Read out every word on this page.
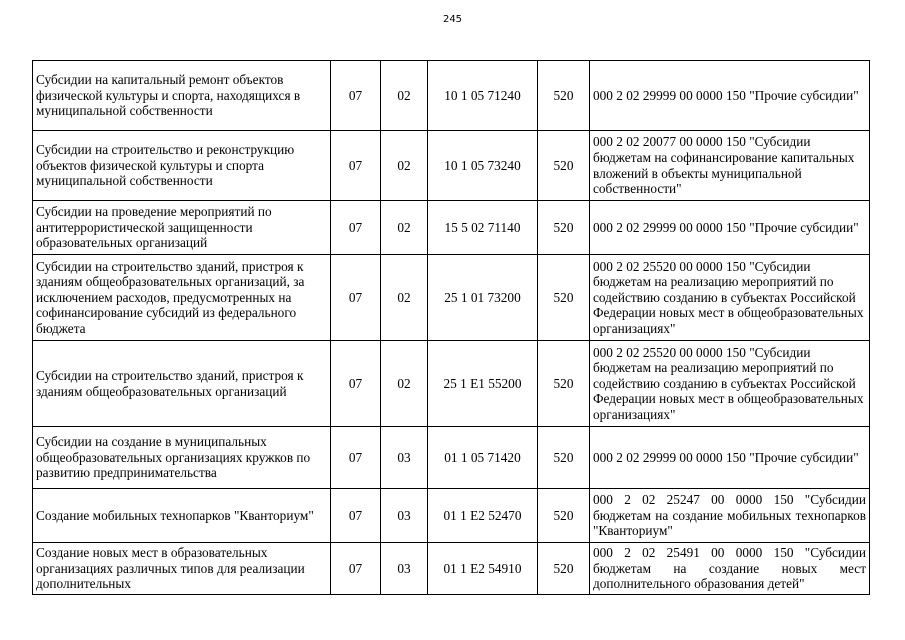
245
Субсидии на капитальный ремонт объектов физической культуры и спорта, находящихся в муниципальной собственности	07	02	10 1 05 71240	520	000 2 02 29999 00 0000 150 "Прочие субсидии"
Субсидии на строительство и реконструкцию объектов физической культуры и спорта муниципальной собственности	07	02	10 1 05 73240	520	000 2 02 20077 00 0000 150 "Субсидии бюджетам на софинансирование капитальных вложений в объекты муниципальной собственности"
Субсидии на проведение мероприятий по антитеррористической защищенности образовательных организаций	07	02	15 5 02 71140	520	000 2 02 29999 00 0000 150 "Прочие субсидии"
Субсидии на строительство зданий, пристроя к зданиям общеобразовательных организаций, за исключением расходов, предусмотренных на софинансирование субсидий из федерального бюджета	07	02	25 1 01 73200	520	000 2 02 25520 00 0000 150 "Субсидии бюджетам на реализацию мероприятий по содействию созданию в субъектах Российской Федерации новых мест в общеобразовательных организациях"
Субсидии на строительство зданий, пристроя к зданиям общеобразовательных организаций	07	02	25 1 E1 55200	520	000 2 02 25520 00 0000 150 "Субсидии бюджетам на реализацию мероприятий по содействию созданию в субъектах Российской Федерации новых мест в общеобразовательных организациях"
Субсидии на создание в муниципальных общеобразовательных организациях кружков по развитию предпринимательства	07	03	01 1 05 71420	520	000 2 02 29999 00 0000 150 "Прочие субсидии"
Создание мобильных технопарков "Кванториум"	07	03	01 1 E2 52470	520	000 2 02 25247 00 0000 150 "Субсидии бюджетам на создание мобильных технопарков "Кванториум"
Создание новых мест в образовательных организациях различных типов для реализации дополнительных	07	03	01 1 E2 54910	520	000 2 02 25491 00 0000 150 "Субсидии бюджетам на создание новых мест дополнительного образования детей"
